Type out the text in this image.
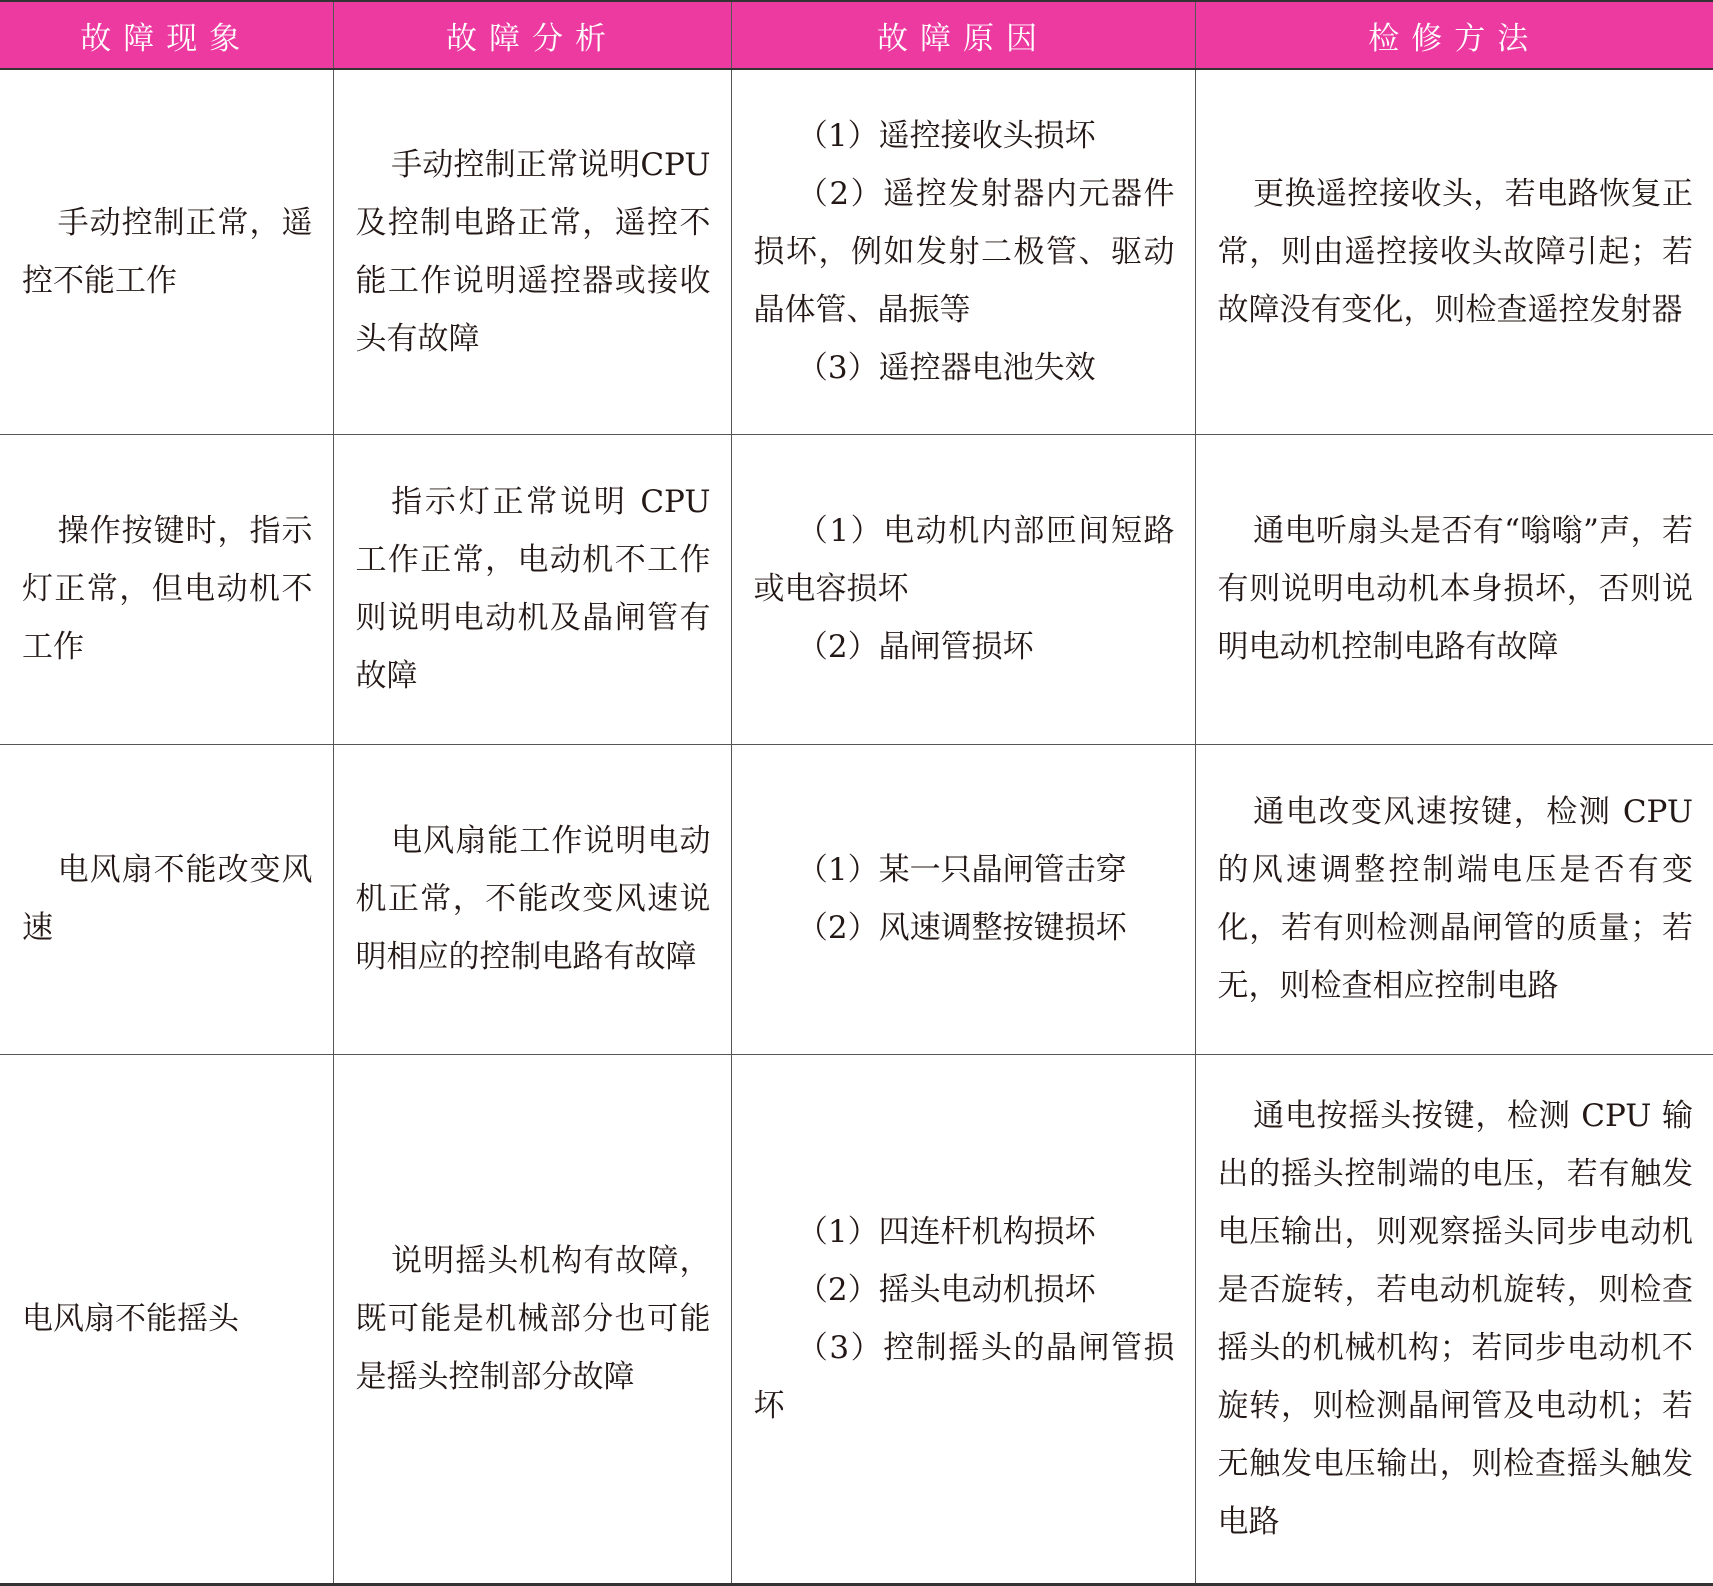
故障现象	故障分析	故障原因	检修方法

手动控制正常，遥控不能工作	手动控制正常说明CPU及控制电路正常，遥控不能工作说明遥控器或接收头有故障	（1）遥控接收头损坏
（2）遥控发射器内元器件损坏，例如发射二极管、驱动晶体管、晶振等
（3）遥控器电池失效	更换遥控接收头，若电路恢复正常，则由遥控接收头故障引起；若故障没有变化，则检查遥控发射器

操作按键时，指示灯正常，但电动机不工作	指示灯正常说明 CPU 工作正常，电动机不工作则说明电动机及晶闸管有故障	（1）电动机内部匝间短路或电容损坏
（2）晶闸管损坏	通电听扇头是否有“嗡嗡”声，若有则说明电动机本身损坏，否则说明电动机控制电路有故障

电风扇不能改变风速	电风扇能工作说明电动机正常，不能改变风速说明相应的控制电路有故障	（1）某一只晶闸管击穿
（2）风速调整按键损坏	通电改变风速按键，检测 CPU 的风速调整控制端电压是否有变化，若有则检测晶闸管的质量；若无，则检查相应控制电路

电风扇不能摇头	说明摇头机构有故障，既可能是机械部分也可能是摇头控制部分故障	（1）四连杆机构损坏
（2）摇头电动机损坏
（3）控制摇头的晶闸管损坏	通电按摇头按键，检测 CPU 输出的摇头控制端的电压，若有触发电压输出，则观察摇头同步电动机是否旋转，若电动机旋转，则检查摇头的机械机构；若同步电动机不旋转，则检测晶闸管及电动机；若无触发电压输出，则检查摇头触发电路
